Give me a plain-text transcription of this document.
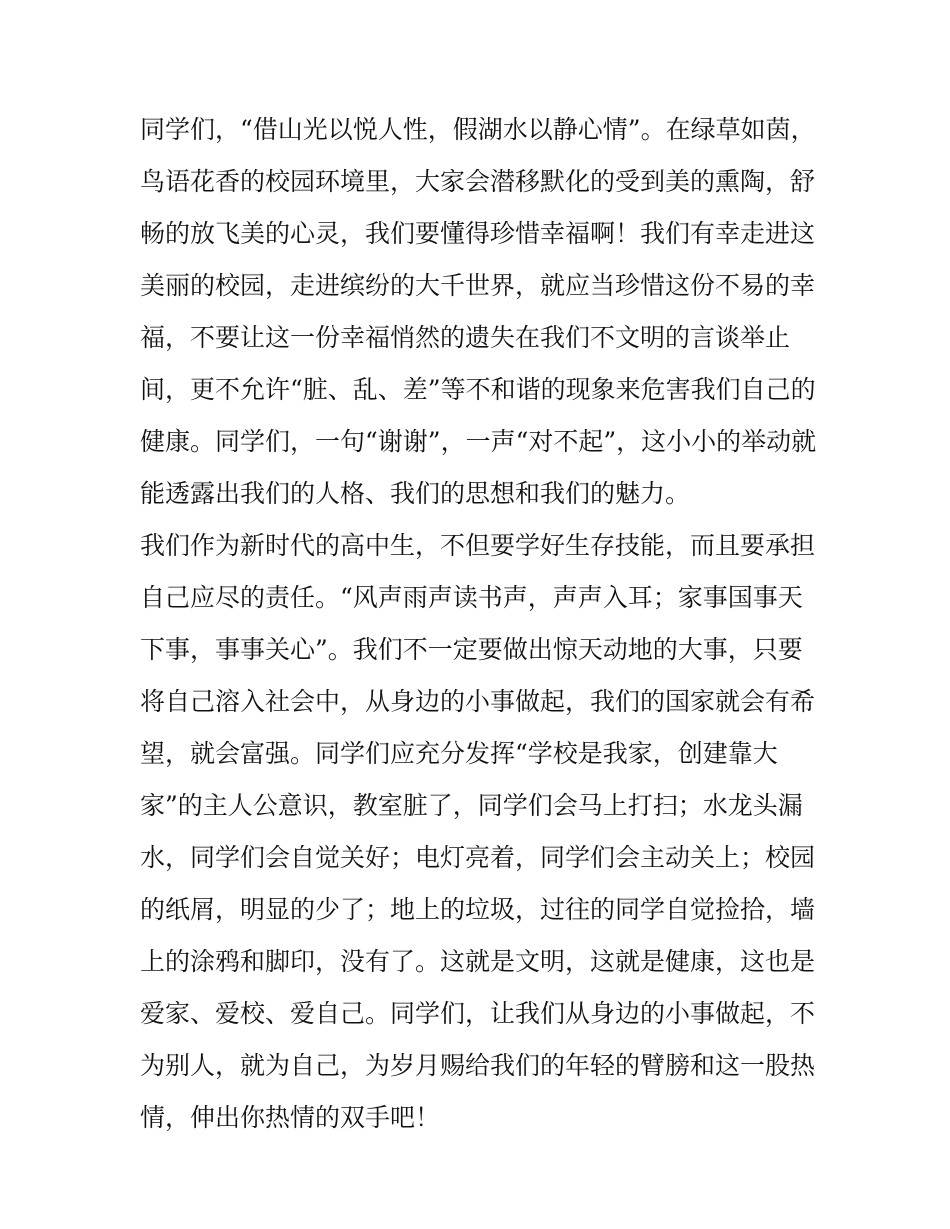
同学们，“借山光以悦人性，假湖水以静心情”。在绿草如茵，
鸟语花香的校园环境里，大家会潜移默化的受到美的熏陶，舒
畅的放飞美的心灵，我们要懂得珍惜幸福啊！我们有幸走进这
美丽的校园，走进缤纷的大千世界，就应当珍惜这份不易的幸
福，不要让这一份幸福悄然的遗失在我们不文明的言谈举止
间，更不允许“脏、乱、差”等不和谐的现象来危害我们自己的
健康。同学们，一句“谢谢”，一声“对不起”，这小小的举动就
能透露出我们的人格、我们的思想和我们的魅力。
我们作为新时代的高中生，不但要学好生存技能，而且要承担
自己应尽的责任。“风声雨声读书声，声声入耳；家事国事天
下事，事事关心”。我们不一定要做出惊天动地的大事，只要
将自己溶入社会中，从身边的小事做起，我们的国家就会有希
望，就会富强。同学们应充分发挥“学校是我家，创建靠大
家”的主人公意识，教室脏了，同学们会马上打扫；水龙头漏
水，同学们会自觉关好；电灯亮着，同学们会主动关上；校园
的纸屑，明显的少了；地上的垃圾，过往的同学自觉捡拾，墙
上的涂鸦和脚印，没有了。这就是文明，这就是健康，这也是
爱家、爱校、爱自己。同学们，让我们从身边的小事做起，不
为别人，就为自己，为岁月赐给我们的年轻的臂膀和这一股热
情，伸出你热情的双手吧！
